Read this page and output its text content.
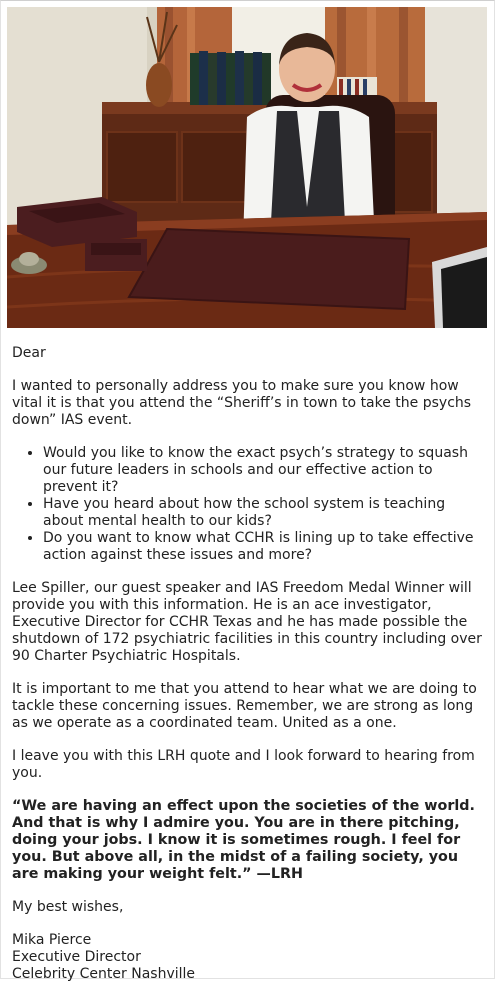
Dear

I wanted to personally address you to make sure you know how vital it is that you attend the “Sheriff’s in town to take the psychs down” IAS event.

• Would you like to know the exact psych’s strategy to squash our future leaders in schools and our effective action to prevent it?
• Have you heard about how the school system is teaching about mental health to our kids?
• Do you want to know what CCHR is lining up to take effective action against these issues and more?

Lee Spiller, our guest speaker and IAS Freedom Medal Winner will provide you with this information. He is an ace investigator, Executive Director for CCHR Texas and he has made possible the shutdown of 172 psychiatric facilities in this country including over 90 Charter Psychiatric Hospitals.

It is important to me that you attend to hear what we are doing to tackle these concerning issues. Remember, we are strong as long as we operate as a coordinated team. United as a one.

I leave you with this LRH quote and I look forward to hearing from you.

“We are having an effect upon the societies of the world. And that is why I admire you. You are in there pitching, doing your jobs. I know it is sometimes rough. I feel for you. But above all, in the midst of a failing society, you are making your weight felt.” —LRH

My best wishes,

Mika Pierce

Executive Director

Celebrity Center Nashville
